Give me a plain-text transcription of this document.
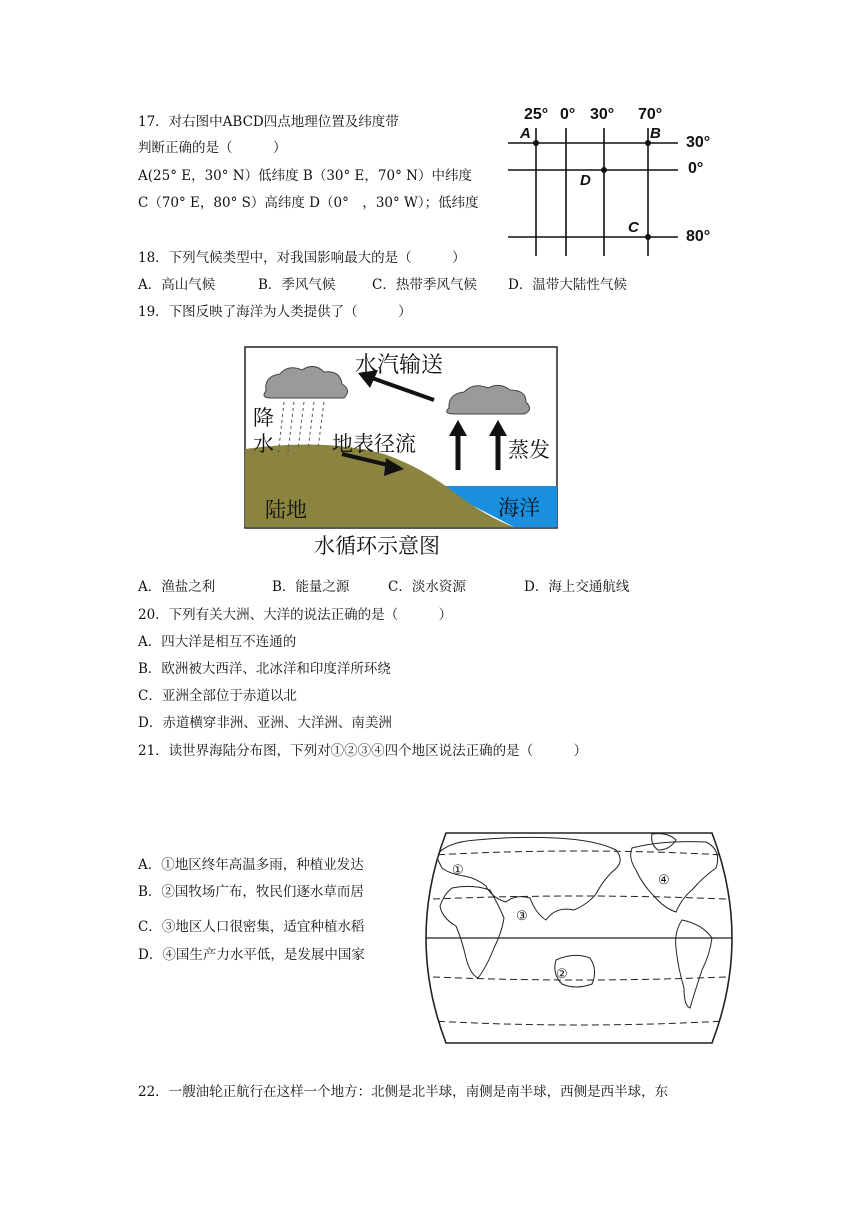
17．对右图中ABCD四点地理位置及纬度带
判断正确的是（　　　）
A(25° E，30° N）低纬度 B（30° E，70° N）中纬度
C（70° E，80° S）高纬度 D（0°　，30° W）；低纬度
25° 0° 30° 70°
30°
0°
80°
A	B
C
D
18．下列气候类型中，对我国影响最大的是（　　　）
A．高山气候	B．季风气候	C．热带季风气候 D．温带大陆性气候
19．下图反映了海洋为人类提供了（　　　）
水汽输送
降
水	地表径流	蒸发
陆地	海洋
水循环示意图
A．渔盐之利	B．能量之源	C．淡水资源	D．海上交通航线
20．下列有关大洲、大洋的说法正确的是（　　　）
A．四大洋是相互不连通的
B．欧洲被大西洋、北冰洋和印度洋所环绕
C．亚洲全部位于赤道以北
D．赤道横穿非洲、亚洲、大洋洲、南美洲
21．读世界海陆分布图，下列对①②③④四个地区说法正确的是（　　　）
A．①地区终年高温多雨，种植业发达
B．②国牧场广布，牧民们逐水草而居
C．③地区人口很密集，适宜种植水稻
D．④国生产力水平低，是发展中国家
①
②
③
④
22．一艘油轮正航行在这样一个地方：北侧是北半球，南侧是南半球，西侧是西半球，东
